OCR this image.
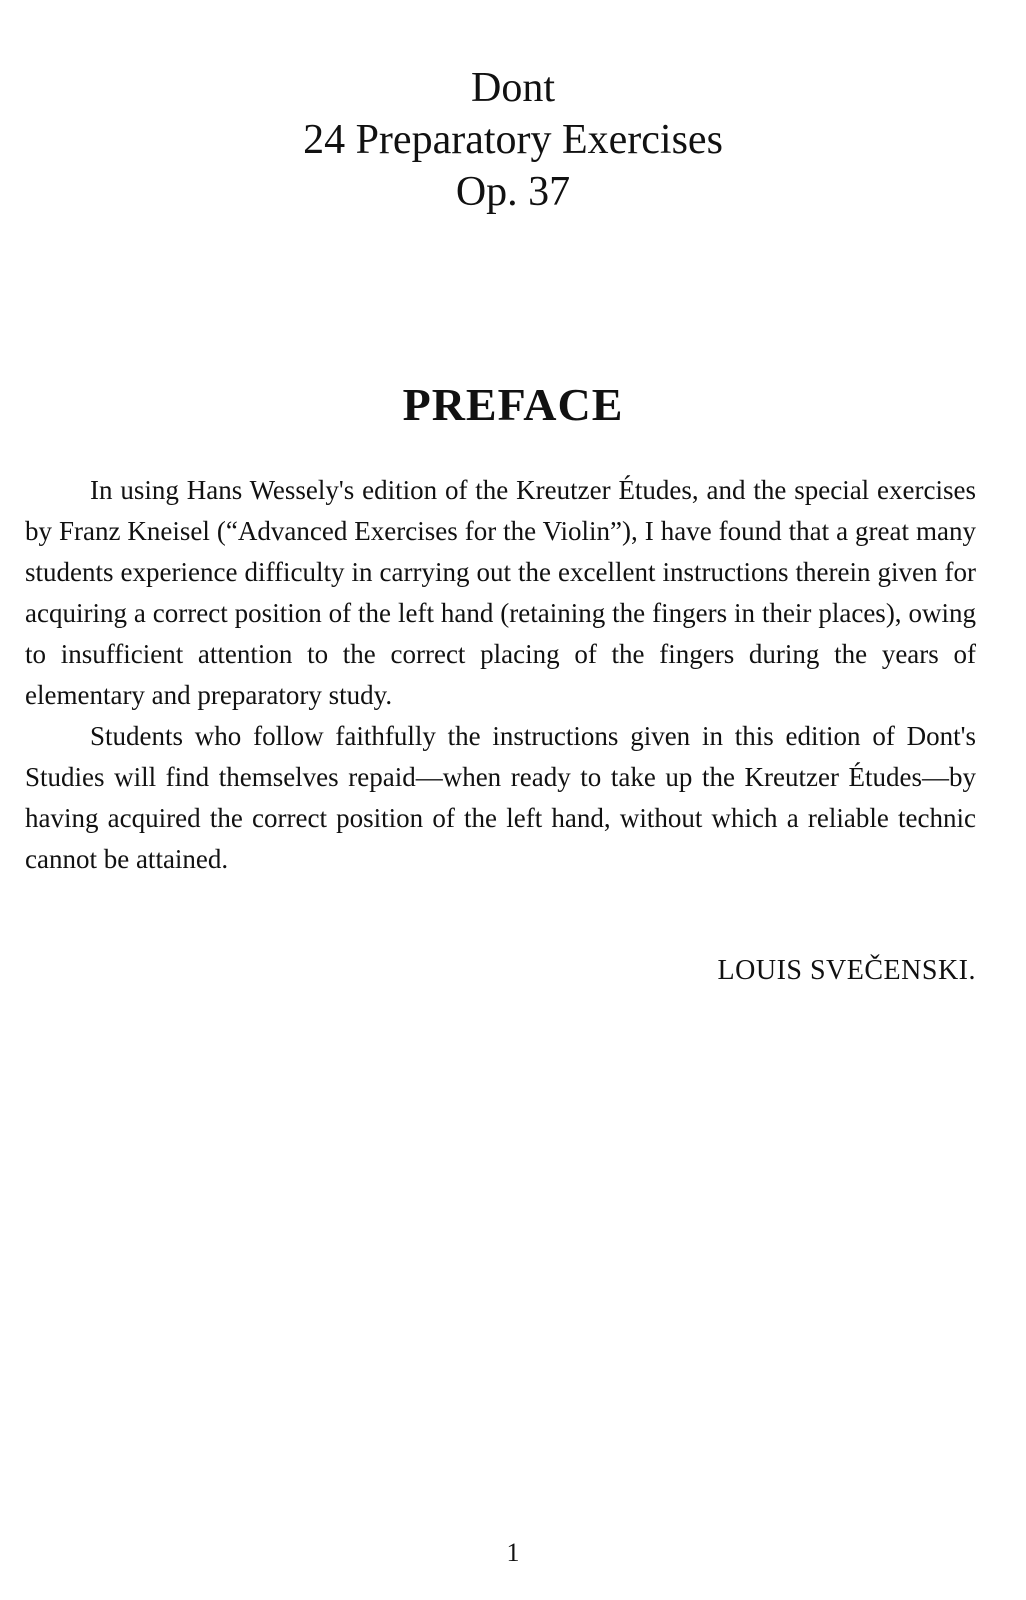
Dont
24 Preparatory Exercises
Op. 37
PREFACE

In using Hans Wessely's edition of the Kreutzer Études, and the special exercises by Franz Kneisel (“Advanced Exercises for the Violin”), I have found that a great many students experience difficulty in carrying out the excellent instructions therein given for acquiring a correct position of the left hand (retaining the fingers in their places), owing to insufficient attention to the correct placing of the fingers during the years of elementary and preparatory study.

Students who follow faithfully the instructions given in this edition of Dont's Studies will find themselves repaid—when ready to take up the Kreutzer Études—by having acquired the correct position of the left hand, without which a reliable technic cannot be attained.

LOUIS SVEČENSKI.
1
